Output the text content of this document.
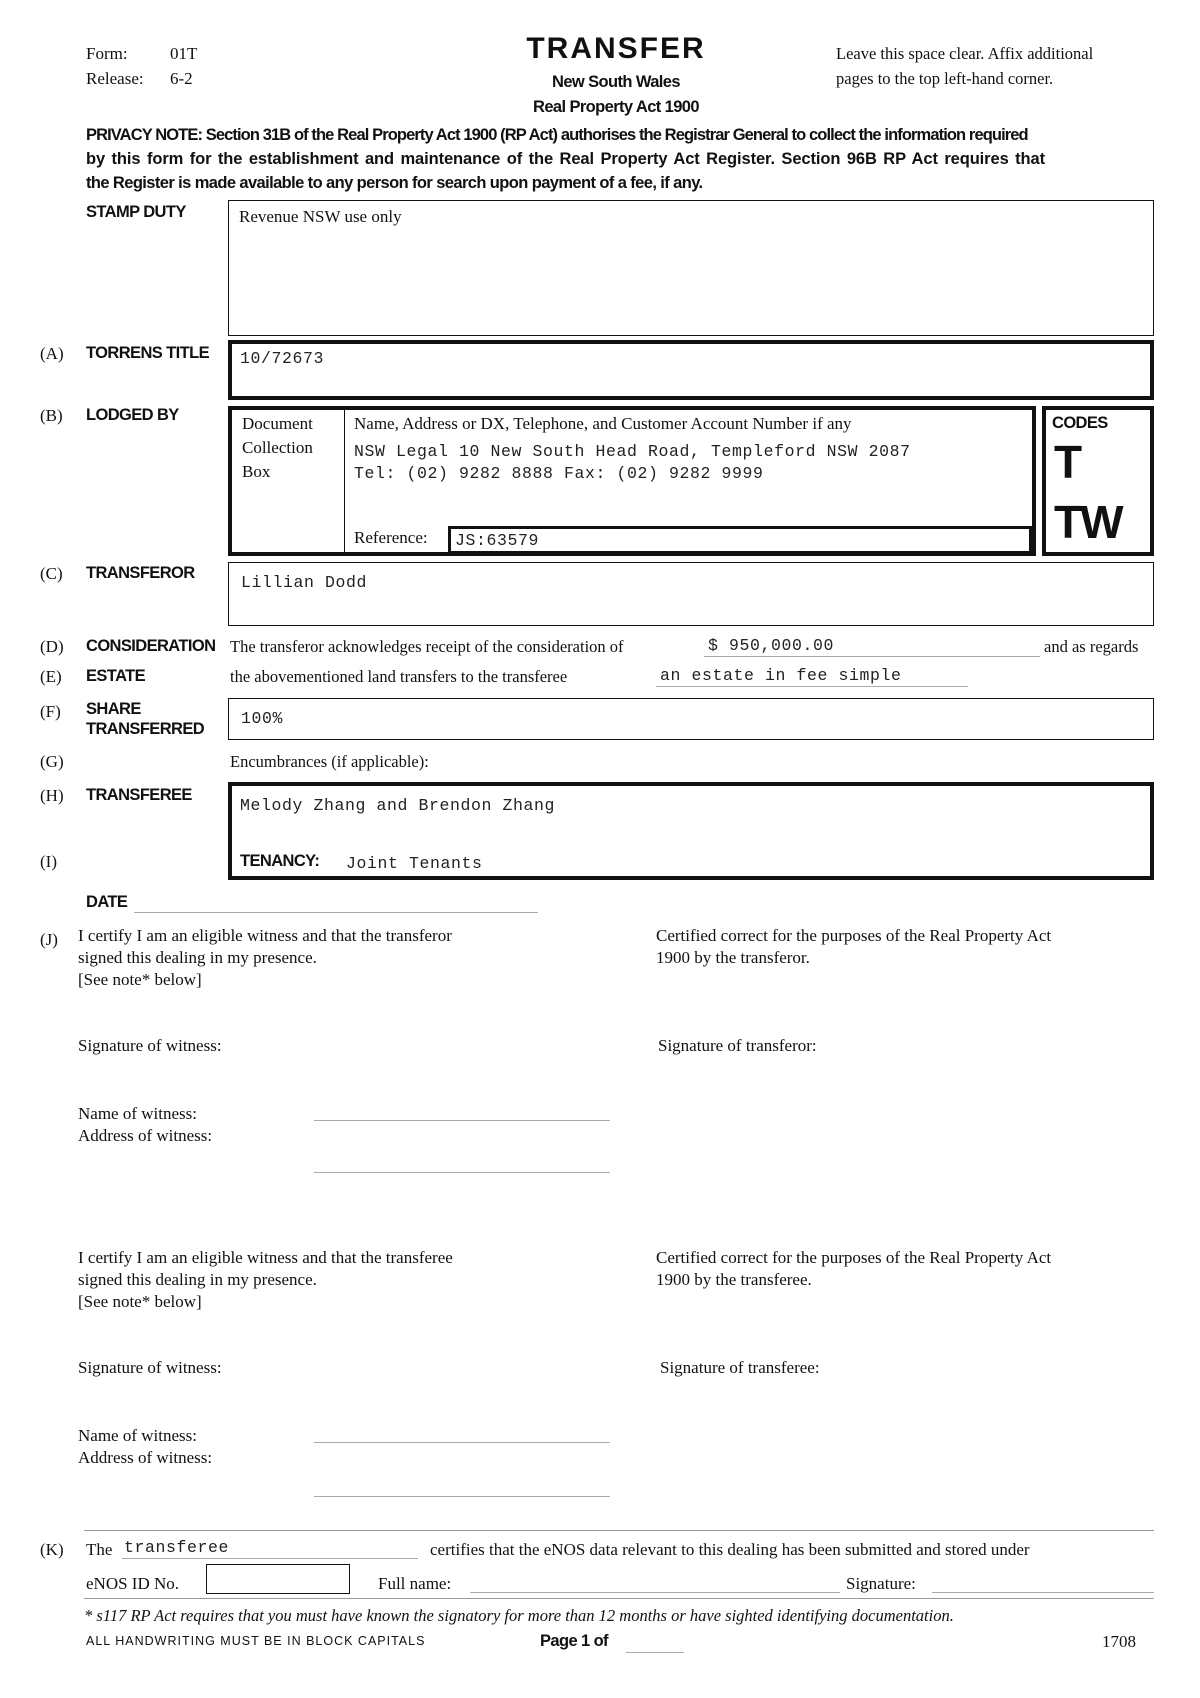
Form: 01T
Release: 6-2
TRANSFER
New South Wales
Real Property Act 1900
Leave this space clear. Affix additional
pages to the top left-hand corner.
PRIVACY NOTE: Section 31B of the Real Property Act 1900 (RP Act) authorises the Registrar General to collect the information required
by this form for the establishment and maintenance of the Real Property Act Register. Section 96B RP Act requires that
the Register is made available to any person for search upon payment of a fee, if any.
STAMP DUTY	Revenue NSW use only
(A) TORRENS TITLE 10/72673
(B) LODGED BY	Document
Collection
Box
Name, Address or DX, Telephone, and Customer Account Number if any
NSW Legal 10 New South Head Road, Templeford NSW 2087
Tel: (02) 9282 8888 Fax: (02) 9282 9999
Reference: JS:63579
CODES
T
TW
(C) TRANSFEROR	Lillian Dodd
(D) CONSIDERATION The transferor acknowledges receipt of the consideration of	$ 950,000.00	and as regards
(E) ESTATE	the abovementioned land transfers to the transferee	an estate in fee simple
(F) SHARE
TRANSFERRED
100%
(G)	Encumbrances (if applicable):
(H) TRANSFEREE
(I)
Melody Zhang and Brendon Zhang
TENANCY: Joint Tenants
DATE
(J) I certify I am an eligible witness and that the transferor
signed this dealing in my presence.
[See note* below]
Certified correct for the purposes of the Real Property Act
1900 by the transferor.
Signature of witness:	Signature of transferor:
Name of witness:
Address of witness:
I certify I am an eligible witness and that the transferee
signed this dealing in my presence.
[See note* below]
Certified correct for the purposes of the Real Property Act
1900 by the transferee.
Signature of witness:	Signature of transferee:
Name of witness:
Address of witness:
(K) The transferee	certifies that the eNOS data relevant to this dealing has been submitted and stored under
eNOS ID No.	Full name:	Signature:
* s117 RP Act requires that you must have known the signatory for more than 12 months or have sighted identifying documentation.
ALL HANDWRITING MUST BE IN BLOCK CAPITALS	Page 1 of	1708
